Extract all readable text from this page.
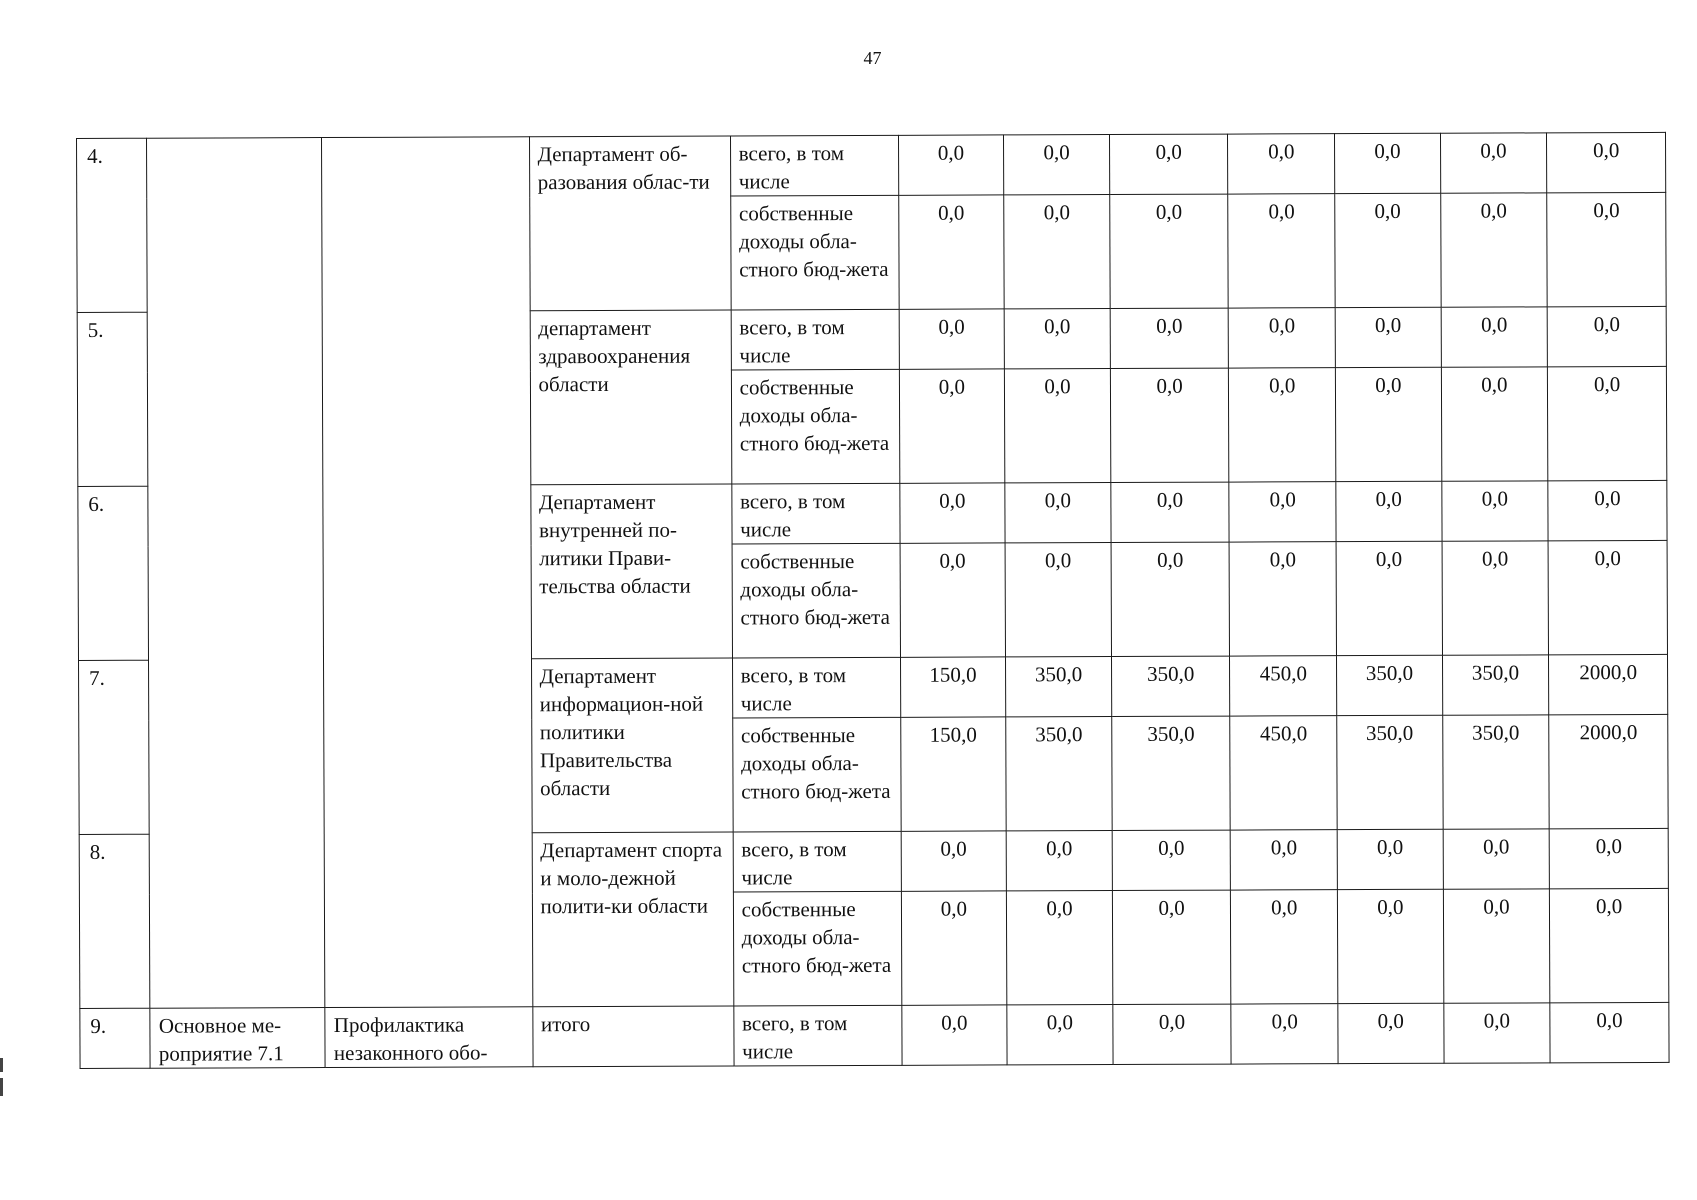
47
4.			Департамент об-разования облас-ти	всего, в том числе	0,0	0,0	0,0	0,0	0,0	0,0	0,0
				собственные доходы обла-стного бюд-жета	0,0	0,0	0,0	0,0	0,0	0,0	0,0
5.			департамент здравоохранения области	всего, в том числе	0,0	0,0	0,0	0,0	0,0	0,0	0,0
				собственные доходы обла-стного бюд-жета	0,0	0,0	0,0	0,0	0,0	0,0	0,0
6.			Департамент внутренней по-литики Прави-тельства области	всего, в том числе	0,0	0,0	0,0	0,0	0,0	0,0	0,0
				собственные доходы обла-стного бюд-жета	0,0	0,0	0,0	0,0	0,0	0,0	0,0
7.			Департамент информацион-ной политики Правительства области	всего, в том числе	150,0	350,0	350,0	450,0	350,0	350,0	2000,0
				собственные доходы обла-стного бюд-жета	150,0	350,0	350,0	450,0	350,0	350,0	2000,0
8.			Департамент спорта и моло-дежной полити-ки области	всего, в том числе	0,0	0,0	0,0	0,0	0,0	0,0	0,0
				собственные доходы обла-стного бюд-жета	0,0	0,0	0,0	0,0	0,0	0,0	0,0
9.	Основное ме-роприятие 7.1	Профилактика незаконного обо-	итого	всего, в том числе	0,0	0,0	0,0	0,0	0,0	0,0	0,0
